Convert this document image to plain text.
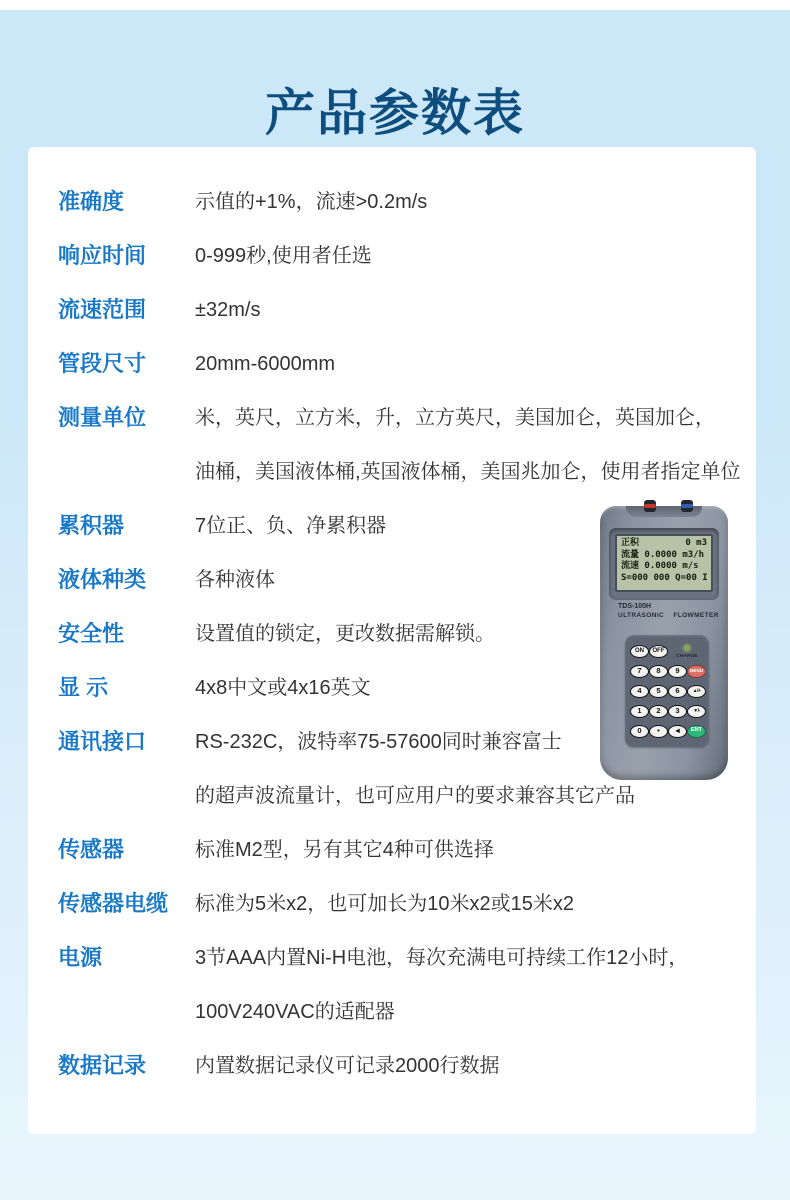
产品参数表
准确度	示值的+1%，流速>0.2m/s
响应时间	0-999秒,使用者任选
流速范围	±32m/s
管段尺寸	20mm-6000mm
测量单位	米，英尺，立方米，升，立方英尺，美国加仑，英国加仑，
油桶，美国液体桶,英国液体桶，美国兆加仑，使用者指定单位
累积器	7位正、负、净累积器
液体种类	各种液体
安全性	设置值的锁定，更改数据需解锁。
显 示	4x8中文或4x16英文
通讯接口	RS-232C，波特率75-57600同时兼容富士
的超声波流量计，也可应用户的要求兼容其它产品
传感器	标准M2型，另有其它4种可供选择
传感器电缆	标准为5米x2，也可加长为10米x2或15米x2
电源	3节AAA内置Ni-H电池，每次充满电可持续工作12小时，
100V240VAC的适配器
数据记录	内置数据记录仪可记录2000行数据
正积	0 m3
流量 0.0000 m3/h
流速 0.0000 m/s
S=000 000 Q=00 I
TDS-100H
ULTRASONIC FLOWMETER
ON	OFF
CHARGE
7	8	9	MENU
4	5	6	▲/+
1	2	3	▼/-
0	•	◄	ENT
